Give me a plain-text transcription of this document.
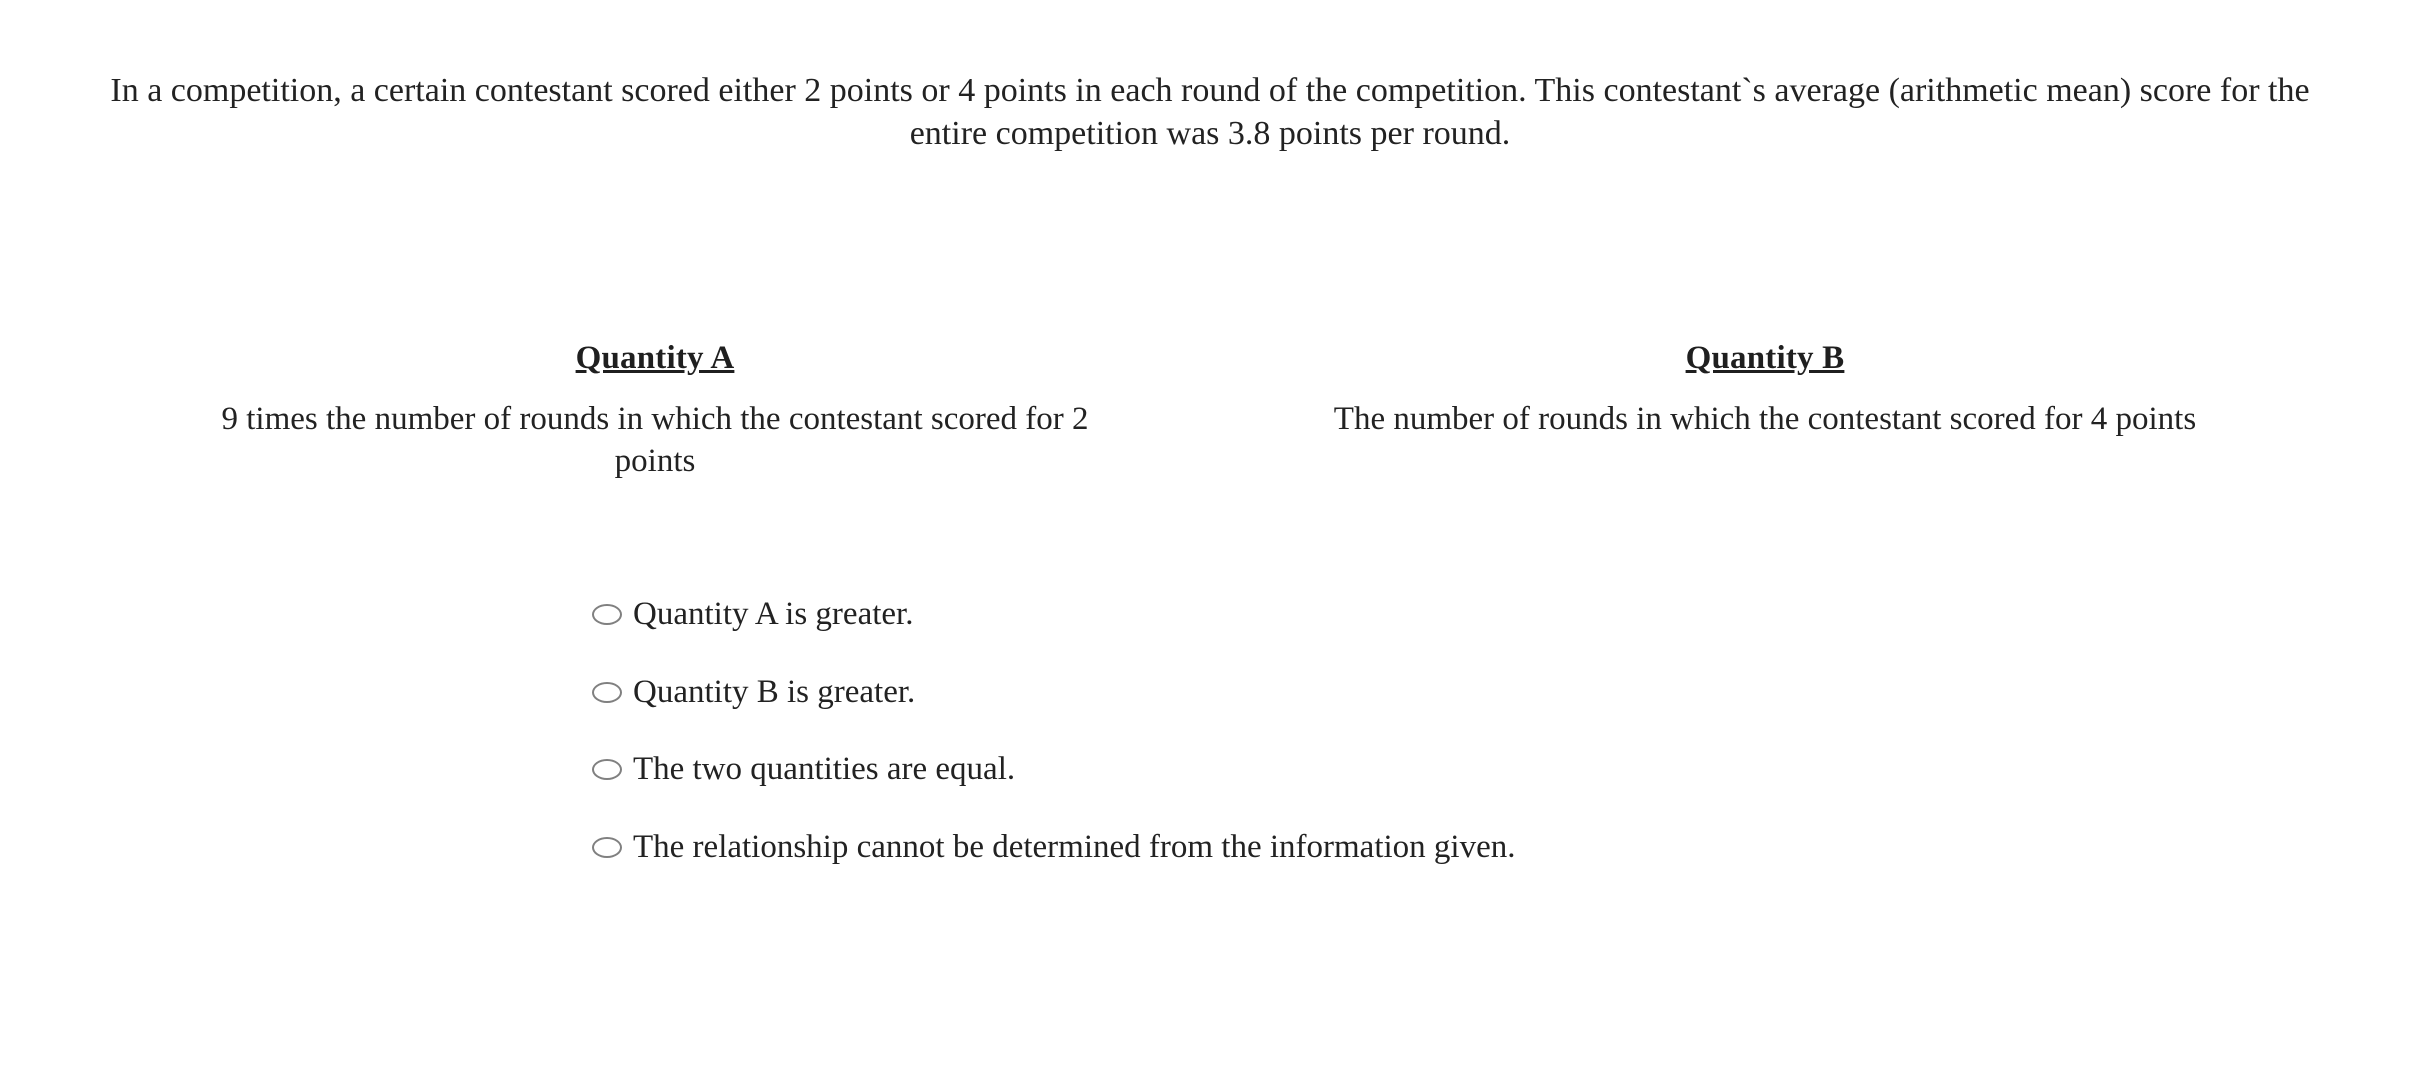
In a competition, a certain contestant scored either 2 points or 4 points in each round of the competition. This contestant`s average (arithmetic mean) score for the entire competition was 3.8 points per round.
Quantity A
9 times the number of rounds in which the contestant scored for 2 points
Quantity B
The number of rounds in which the contestant scored for 4 points
Quantity A is greater.
Quantity B is greater.
The two quantities are equal.
The relationship cannot be determined from the information given.
